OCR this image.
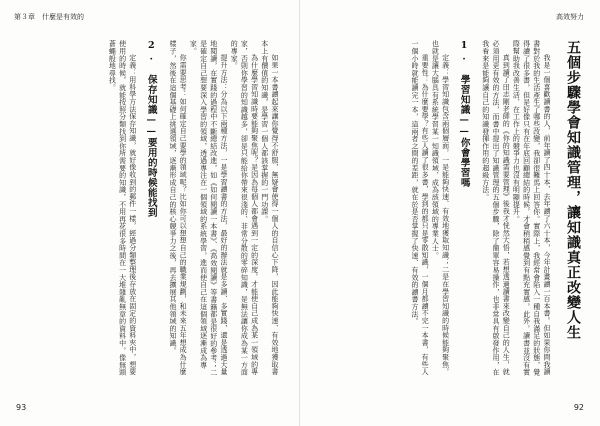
第３章　什麼是有效的	高效努力

如果一本書讀起來讓你覺得不舒服，無疑會使得一個人的自信心下降，因此能夠快速、有效地獲取書本上有價值的知識，是學習一個人都該掌握的一門功課。

為什麼學習知識時要能夠聚焦呢？是因為每個人都會遇到一定的深度，才能使自己成為某一領域的專家，否則你學習的知識越多，卻是只能給你帶來很淺的、非常分散的零碎知識，是無法讓你成為某一方面的專家。

提升方法：分為以下兩種方法，一是學習讀書的方法，最好的辦法就是多讀、多實踐，還是透過大量地閱讀，在實踐的過程中不斷總結改進，如《如何閱讀一本書》、《高效閱讀》等書籍都是很好的參考；二是確定自己想要深入學習的領域，透過專注在一個領域的系統學習，進而使自己在這個領域逐漸成為專家。

你需要思考：如何確定自己要學的領域呢？比如你可以想想自己的職業規劃，和未來五年想成為什麼樣子，然後在這個基礎上挑選領域，逐漸形成自己的核心競爭力之後，再去擴展其他領域的知識。

2. 保存知識——要用的時候能找到

定義：用科學方法保存知識，就好像收到的郵件一樣，經過分類整理後存放在固定的資料夾中，想要使用的時候，就能按照分類找到你所需要的知識，不用再花很多時間在一大堆雜亂無章的資料中，像無頭蒼蠅般地尋找。	五個步驟學會知識管理，讓知識真正改變人生

我是一個喜歡讀書的人，前年讀了四十本，去年讀了六十本，今年計畫讀一百本書。但如果你問我讀書對於我的生活產生了哪些改變，我卻很難馬上回答你。實際上，我經常會陷入一種自我滿足的狀態，覺得讀了很多書，但是好像只有在年底回顧總結的時候，才會稍稍感覺到有點充實感，此外，讀書並沒有實際幫助我改善生活、在工作上的競爭力也沒有明顯提升。

真到讀了田志剛老師的《你的知識需要管理》後我才恍然大悟，若想透過讀書來改變自己的人生，就必須用更有效的方法，而書中提出了知識管理的五個步驟，除了簡單容易操作，也非常具有啟發作用，在我看來是能夠讓自己的知識發揮作用的超級方法。

1. 學習知識——你會學習嗎

定義：學習知識包含兩個層面，一是能夠快速、有效地獲取知識；二是在學習知識的時候能夠聚焦，也就是讓大腦具有系統學習某一知識領域、成為該領域的專業人士。

重要性：為什麼要學？有些人讀了很多書，學到的都只是零散知識，一個月都讀不完一本書，有些人一個小時就能讀完一本，這兩者之間的差距，就在於是否掌握了快速、有效的讀書方法。

93	92
